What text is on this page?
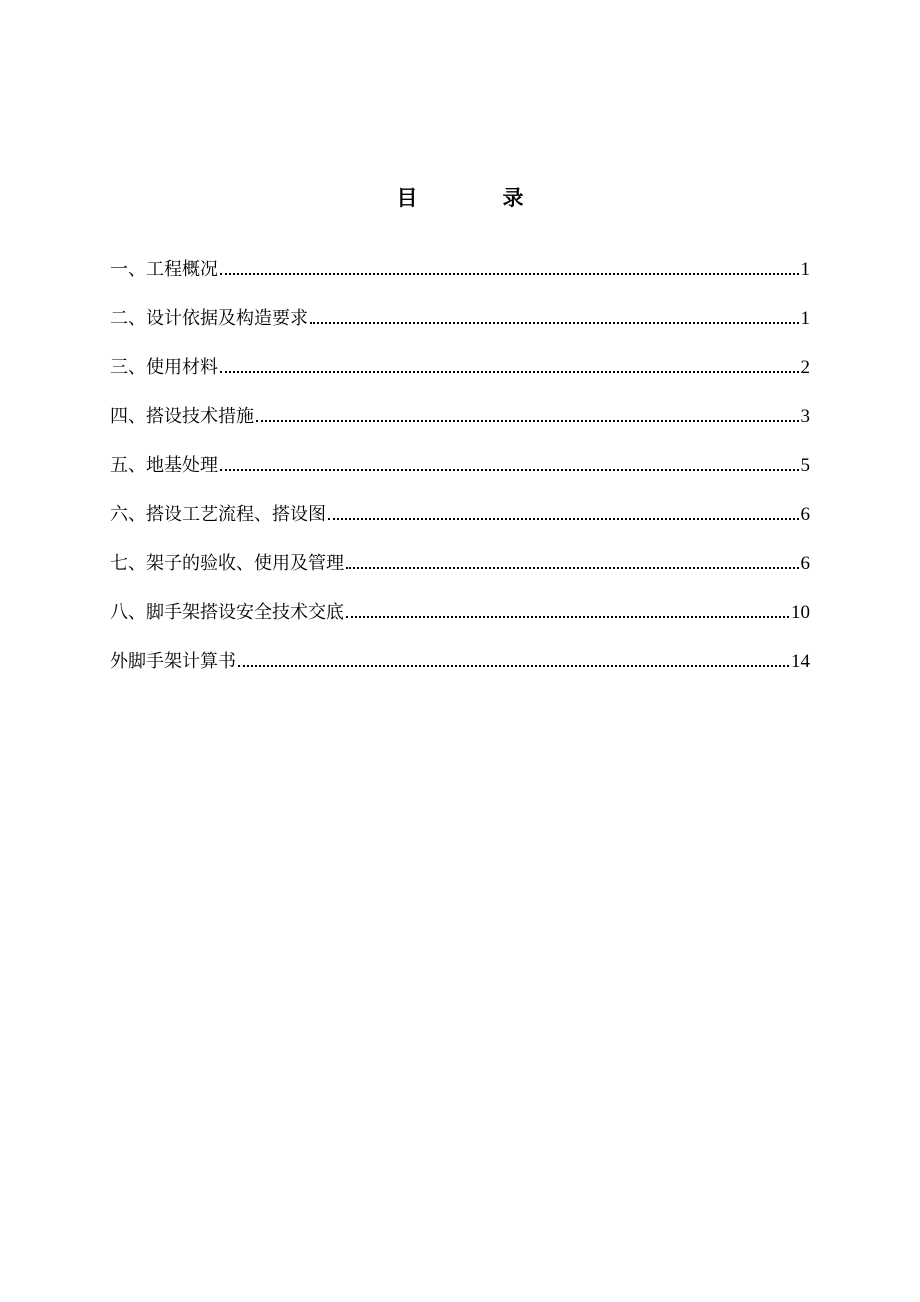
目　录
一、工程概况	1
二、设计依据及构造要求	1
三、使用材料	2
四、搭设技术措施	3
五、地基处理	5
六、搭设工艺流程、搭设图	6
七、架子的验收、使用及管理	6
八、脚手架搭设安全技术交底	10
外脚手架计算书	14
